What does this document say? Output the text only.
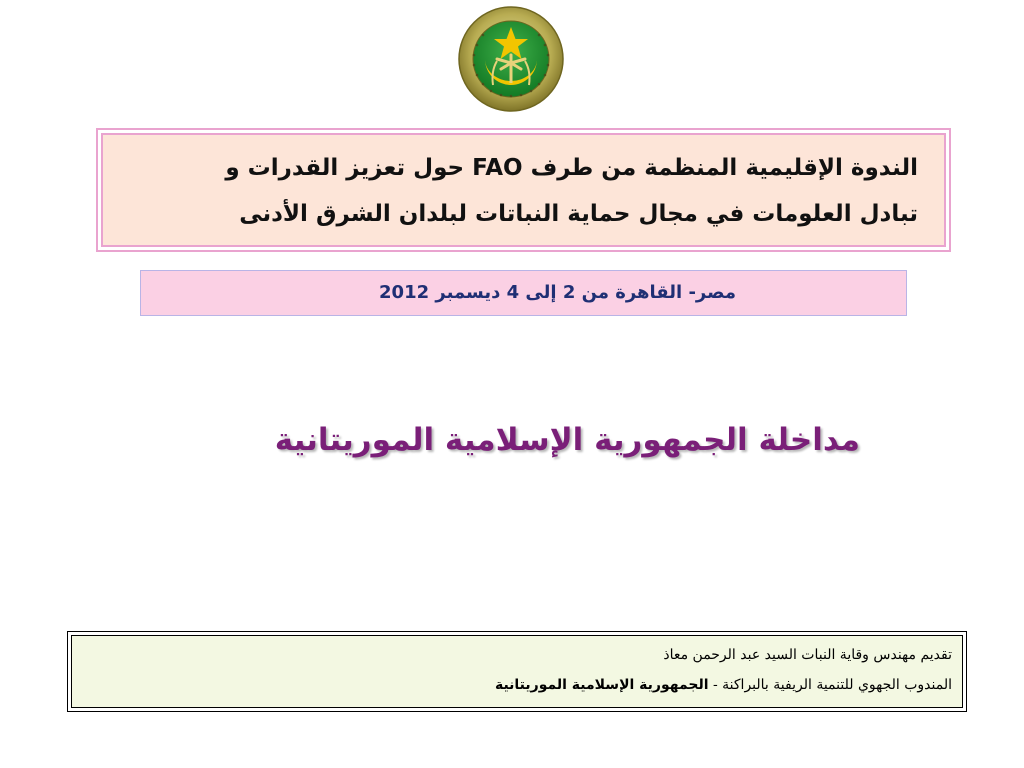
الندوة الإقليمية المنظمة من طرف FAO حول تعزيز القدرات و
تبادل العلومات في مجال حماية النباتات لبلدان الشرق الأدنى
مصر- القاهرة من 2 إلى 4 ديسمبر 2012
مداخلة الجمهورية الإسلامية الموريتانية
تقديم مهندس وقاية النبات السيد عبد الرحمن معاذ
المندوب الجهوي للتنمية الريفية بالبراكنة - الجمهورية الإسلامية الموريتانية
